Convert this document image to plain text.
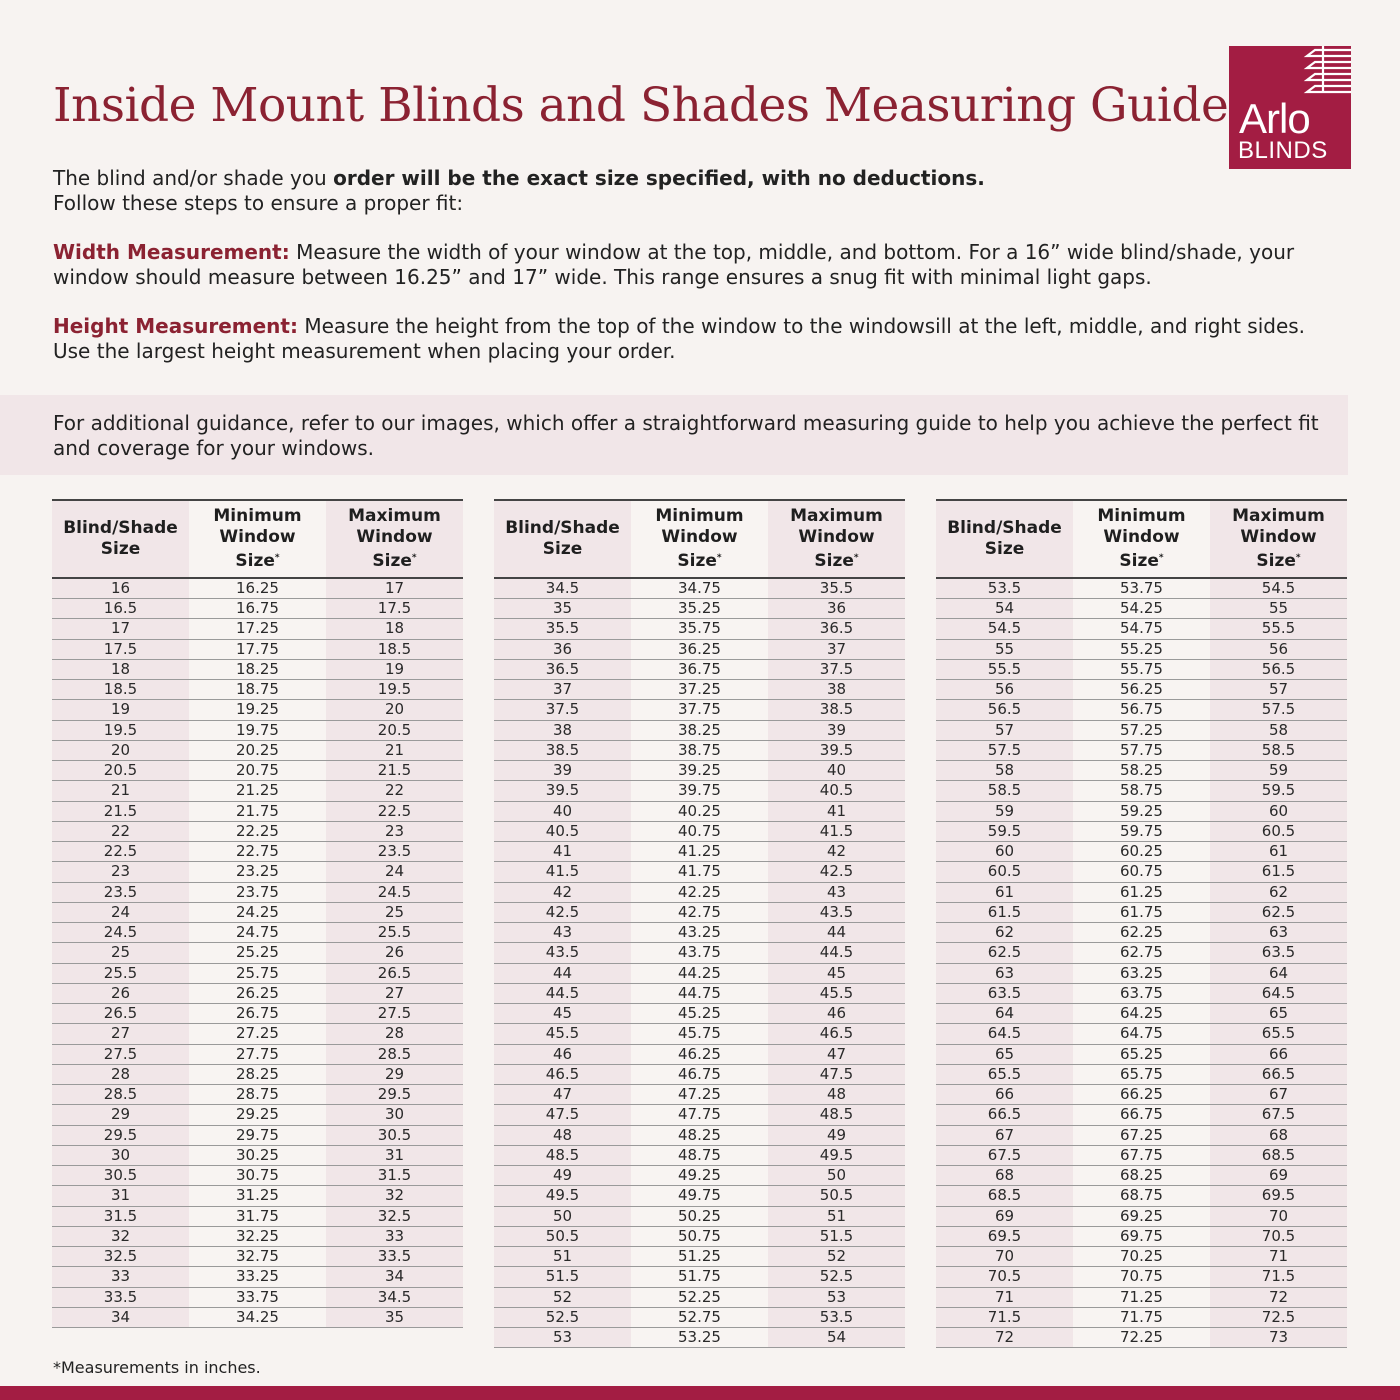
Inside Mount Blinds and Shades Measuring Guide Arlo
BLINDS
The blind and/or shade you order will be the exact size specified, with no deductions.
Follow these steps to ensure a proper fit:
Width Measurement: Measure the width of your window at the top, middle, and bottom. For a 16” wide blind/shade, your window should measure between 16.25” and 17” wide. This range ensures a snug fit with minimal light gaps.
Height Measurement: Measure the height from the top of the window to the windowsill at the left, middle, and right sides. Use the largest height measurement when placing your order.
For additional guidance, refer to our images, which offer a straightforward measuring guide to help you achieve the perfect fit and coverage for your windows.
Blind/Shade
Size	Minimum
Window
Size*	Maximum
Window
Size*
16	16.25	17
16.5	16.75	17.5
17	17.25	18
17.5	17.75	18.5
18	18.25	19
18.5	18.75	19.5
19	19.25	20
19.5	19.75	20.5
20	20.25	21
20.5	20.75	21.5
21	21.25	22
21.5	21.75	22.5
22	22.25	23
22.5	22.75	23.5
23	23.25	24
23.5	23.75	24.5
24	24.25	25
24.5	24.75	25.5
25	25.25	26
25.5	25.75	26.5
26	26.25	27
26.5	26.75	27.5
27	27.25	28
27.5	27.75	28.5
28	28.25	29
28.5	28.75	29.5
29	29.25	30
29.5	29.75	30.5
30	30.25	31
30.5	30.75	31.5
31	31.25	32
31.5	31.75	32.5
32	32.25	33
32.5	32.75	33.5
33	33.25	34
33.5	33.75	34.5
34	34.25	35
Blind/Shade
Size	Minimum
Window
Size*	Maximum
Window
Size*
34.5	34.75	35.5
35	35.25	36
35.5	35.75	36.5
36	36.25	37
36.5	36.75	37.5
37	37.25	38
37.5	37.75	38.5
38	38.25	39
38.5	38.75	39.5
39	39.25	40
39.5	39.75	40.5
40	40.25	41
40.5	40.75	41.5
41	41.25	42
41.5	41.75	42.5
42	42.25	43
42.5	42.75	43.5
43	43.25	44
43.5	43.75	44.5
44	44.25	45
44.5	44.75	45.5
45	45.25	46
45.5	45.75	46.5
46	46.25	47
46.5	46.75	47.5
47	47.25	48
47.5	47.75	48.5
48	48.25	49
48.5	48.75	49.5
49	49.25	50
49.5	49.75	50.5
50	50.25	51
50.5	50.75	51.5
51	51.25	52
51.5	51.75	52.5
52	52.25	53
52.5	52.75	53.5
53	53.25	54
Blind/Shade
Size	Minimum
Window
Size*	Maximum
Window
Size*
53.5	53.75	54.5
54	54.25	55
54.5	54.75	55.5
55	55.25	56
55.5	55.75	56.5
56	56.25	57
56.5	56.75	57.5
57	57.25	58
57.5	57.75	58.5
58	58.25	59
58.5	58.75	59.5
59	59.25	60
59.5	59.75	60.5
60	60.25	61
60.5	60.75	61.5
61	61.25	62
61.5	61.75	62.5
62	62.25	63
62.5	62.75	63.5
63	63.25	64
63.5	63.75	64.5
64	64.25	65
64.5	64.75	65.5
65	65.25	66
65.5	65.75	66.5
66	66.25	67
66.5	66.75	67.5
67	67.25	68
67.5	67.75	68.5
68	68.25	69
68.5	68.75	69.5
69	69.25	70
69.5	69.75	70.5
70	70.25	71
70.5	70.75	71.5
71	71.25	72
71.5	71.75	72.5
72	72.25	73
*Measurements in inches.
